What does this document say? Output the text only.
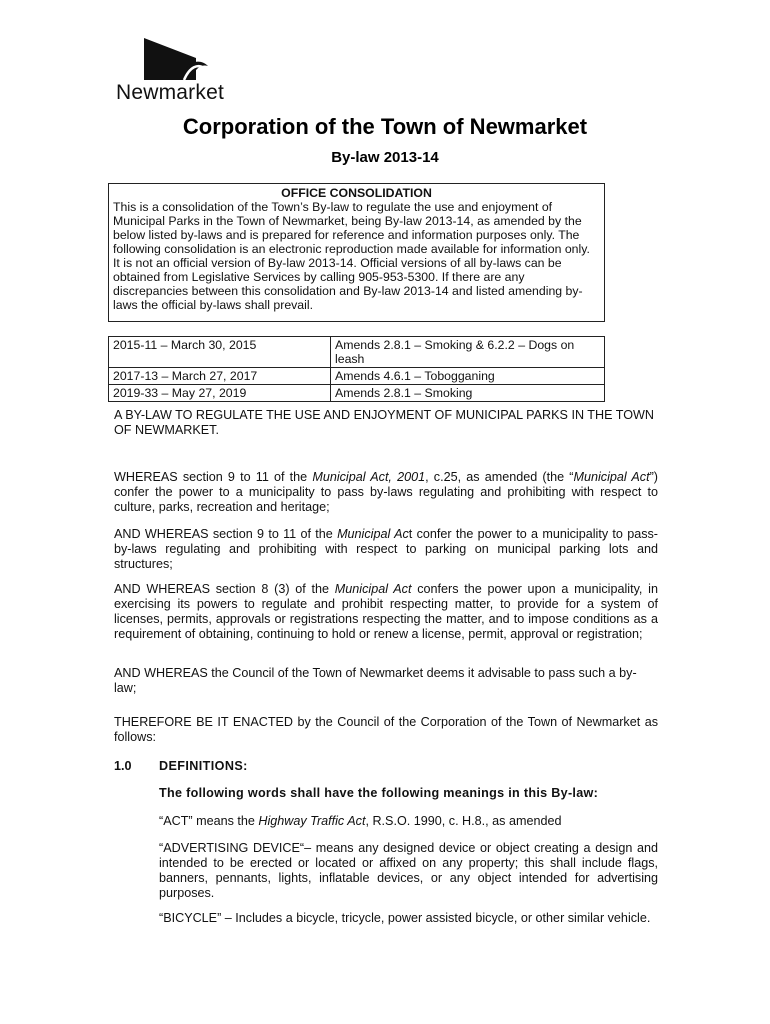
Newmarket
Corporation of the Town of Newmarket
By-law 2013-14
OFFICE CONSOLIDATION
This is a consolidation of the Town’s By-law to regulate the use and enjoyment of Municipal Parks in the Town of Newmarket, being By-law 2013-14, as amended by the below listed by-laws and is prepared for reference and information purposes only. The following consolidation is an electronic reproduction made available for information only. It is not an official version of By-law 2013-14. Official versions of all by-laws can be obtained from Legislative Services by calling 905-953-5300. If there are any discrepancies between this consolidation and By-law 2013-14 and listed amending by-laws the official by-laws shall prevail.
2015-11 – March 30, 2015	Amends 2.8.1 – Smoking & 6.2.2 – Dogs on leash
2017-13 – March 27, 2017	Amends 4.6.1 – Tobogganing
2019-33 – May 27, 2019	Amends 2.8.1 – Smoking
A BY-LAW TO REGULATE THE USE AND ENJOYMENT OF MUNICIPAL PARKS IN THE TOWN OF NEWMARKET.
WHEREAS section 9 to 11 of the Municipal Act, 2001, c.25, as amended (the “Municipal Act”) confer the power to a municipality to pass by-laws regulating and prohibiting with respect to culture, parks, recreation and heritage;
AND WHEREAS section 9 to 11 of the Municipal Act confer the power to a municipality to pass-by-laws regulating and prohibiting with respect to parking on municipal parking lots and structures;
AND WHEREAS section 8 (3) of the Municipal Act confers the power upon a municipality, in exercising its powers to regulate and prohibit respecting matter, to provide for a system of licenses, permits, approvals or registrations respecting the matter, and to impose conditions as a requirement of obtaining, continuing to hold or renew a license, permit, approval or registration;
AND WHEREAS the Council of the Town of Newmarket deems it advisable to pass such a by-law;
THEREFORE BE IT ENACTED by the Council of the Corporation of the Town of Newmarket as follows:
1.0 DEFINITIONS:
The following words shall have the following meanings in this By-law:
“ACT” means the Highway Traffic Act, R.S.O. 1990, c. H.8., as amended
“ADVERTISING DEVICE“– means any designed device or object creating a design and intended to be erected or located or affixed on any property; this shall include flags, banners, pennants, lights, inflatable devices, or any object intended for advertising purposes.
“BICYCLE” – Includes a bicycle, tricycle, power assisted bicycle, or other similar vehicle.
